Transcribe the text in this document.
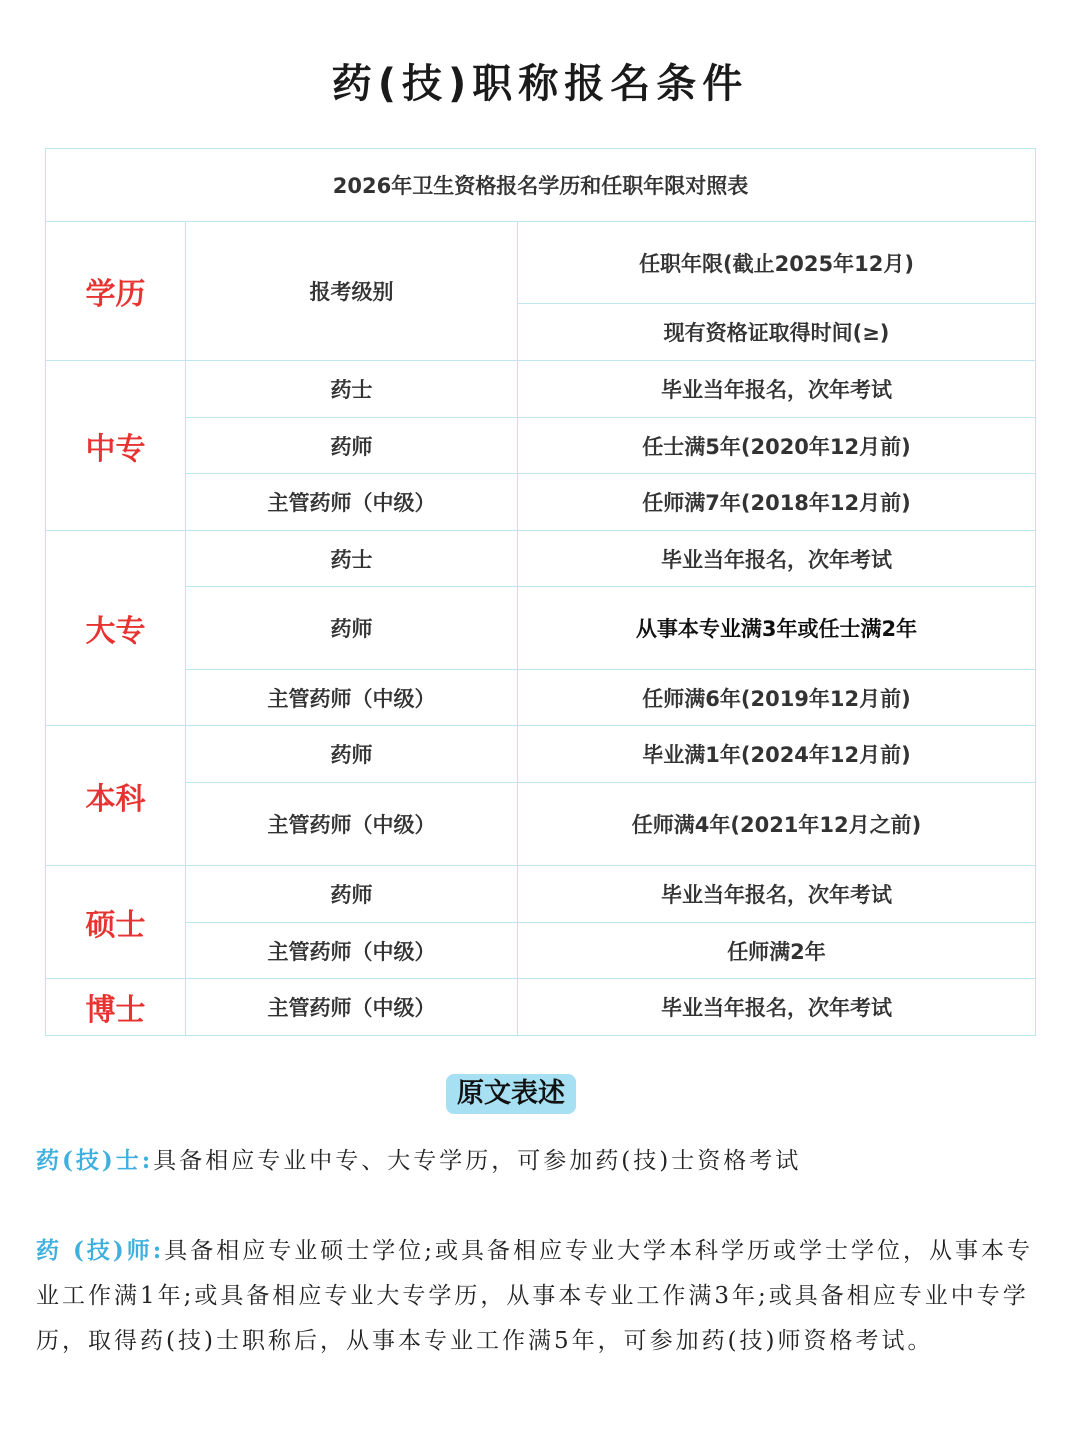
药(技)职称报名条件
2026年卫生资格报名学历和任职年限对照表		
学历	报考级别	任职年限(截止2025年12月)
		现有资格证取得时间(≥)
中专	药士	毕业当年报名，次年考试
	药师	任士满5年(2020年12月前)
	主管药师（中级）	任师满7年(2018年12月前)
大专	药士	毕业当年报名，次年考试
	药师	从事本专业满3年或任士满2年
	主管药师（中级）	任师满6年(2019年12月前)
本科	药师	毕业满1年(2024年12月前)
	主管药师（中级）	任师满4年(2021年12月之前)
硕士	药师	毕业当年报名，次年考试
	主管药师（中级）	任师满2年
博士	主管药师（中级）	毕业当年报名，次年考试
原文表述
药(技)士:具备相应专业中专、大专学历，可参加药(技)士资格考试
药 (技)师:具备相应专业硕士学位;或具备相应专业大学本科学历或学士学位，从事本专业工作满1年;或具备相应专业大专学历，从事本专业工作满3年;或具备相应专业中专学历，取得药(技)士职称后，从事本专业工作满5年，可参加药(技)师资格考试。
